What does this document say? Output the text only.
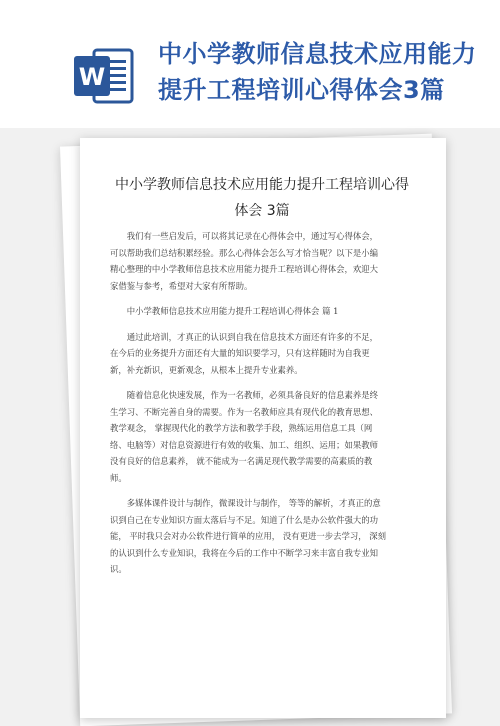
W
中小学教师信息技术应用能力
提升工程培训心得体会3篇
中小学教师信息技术应用能力提升工程培训心得
体会 3篇
我们有一些启发后，可以将其记录在心得体会中，通过写心得体会，
可以帮助我们总结积累经验。那么心得体会怎么写才恰当呢？以下是小编
精心整理的中小学教师信息技术应用能力提升工程培训心得体会，欢迎大
家借鉴与参考，希望对大家有所帮助。
中小学教师信息技术应用能力提升工程培训心得体会 篇 1
通过此培训，才真正的认识到自我在信息技术方面还有许多的不足，
在今后的业务提升方面还有大量的知识要学习，只有这样随时为自我更
新，补充新识，更新观念，从根本上提升专业素养。
随着信息化快速发展，作为一名教师，必须具备良好的信息素养是终
生学习、不断完善自身的需要。作为一名教师应具有现代化的教育思想、
教学观念， 掌握现代化的教学方法和教学手段，熟练运用信息工具（网
络、电脑等）对信息资源进行有效的收集、加工、组织、运用；如果教师
没有良好的信息素养， 就不能成为一名满足现代教学需要的高素质的教
师。
多媒体课件设计与制作，微课设计与制作， 等等的解析，才真正的意
识到自己在专业知识方面太落后与不足。知道了什么是办公软件强大的功
能， 平时我只会对办公软件进行简单的应用， 没有更进一步去学习， 深刻
的认识到什么专业知识，我将在今后的工作中不断学习来丰富自我专业知
识。
